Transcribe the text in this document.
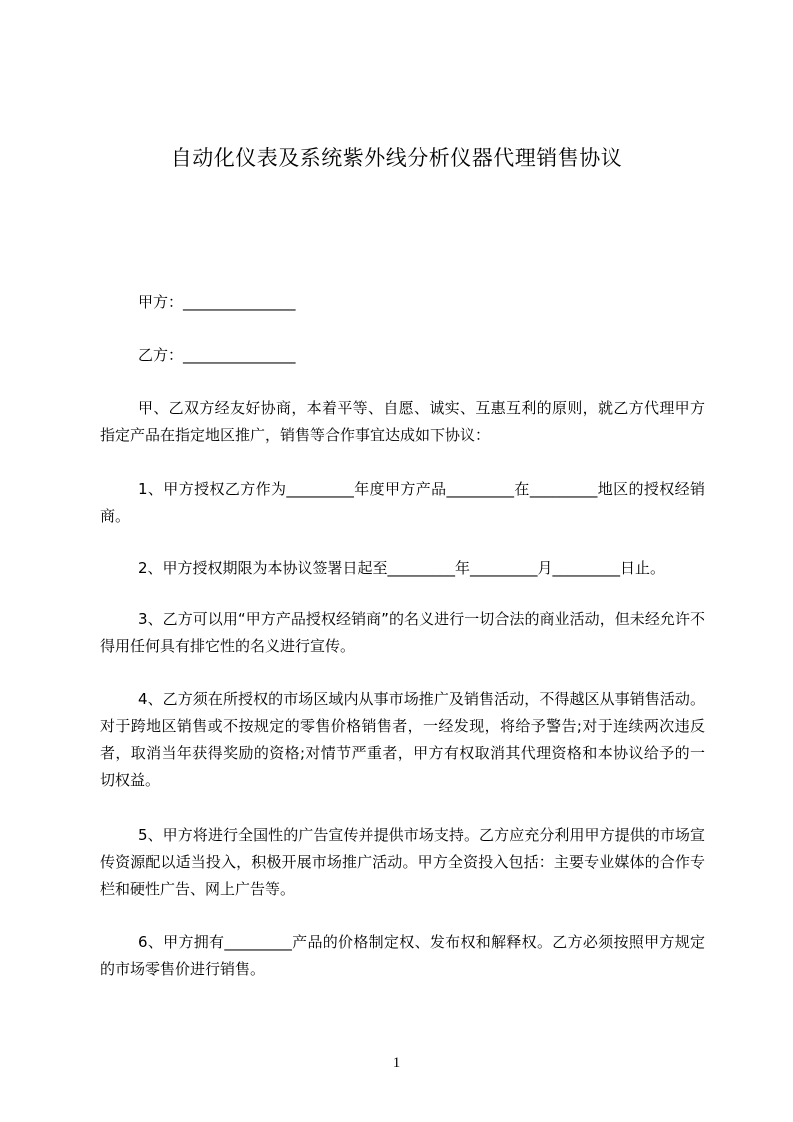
自动化仪表及系统紫外线分析仪器代理销售协议
甲方：_______________
乙方：_______________
甲、乙双方经友好协商，本着平等、自愿、诚实、互惠互利的原则，就乙方代理甲方指定产品在指定地区推广，销售等合作事宜达成如下协议：
1、甲方授权乙方作为_________年度甲方产品_________在_________地区的授权经销商。
2、甲方授权期限为本协议签署日起至_________年_________月_________日止。
3、乙方可以用“甲方产品授权经销商”的名义进行一切合法的商业活动，但未经允许不得用任何具有排它性的名义进行宣传。
4、乙方须在所授权的市场区域内从事市场推广及销售活动，不得越区从事销售活动。对于跨地区销售或不按规定的零售价格销售者，一经发现，将给予警告;对于连续两次违反者，取消当年获得奖励的资格;对情节严重者，甲方有权取消其代理资格和本协议给予的一切权益。
5、甲方将进行全国性的广告宣传并提供市场支持。乙方应充分利用甲方提供的市场宣传资源配以适当投入，积极开展市场推广活动。甲方全资投入包括：主要专业媒体的合作专栏和硬性广告、网上广告等。
6、甲方拥有_________产品的价格制定权、发布权和解释权。乙方必须按照甲方规定的市场零售价进行销售。
1
